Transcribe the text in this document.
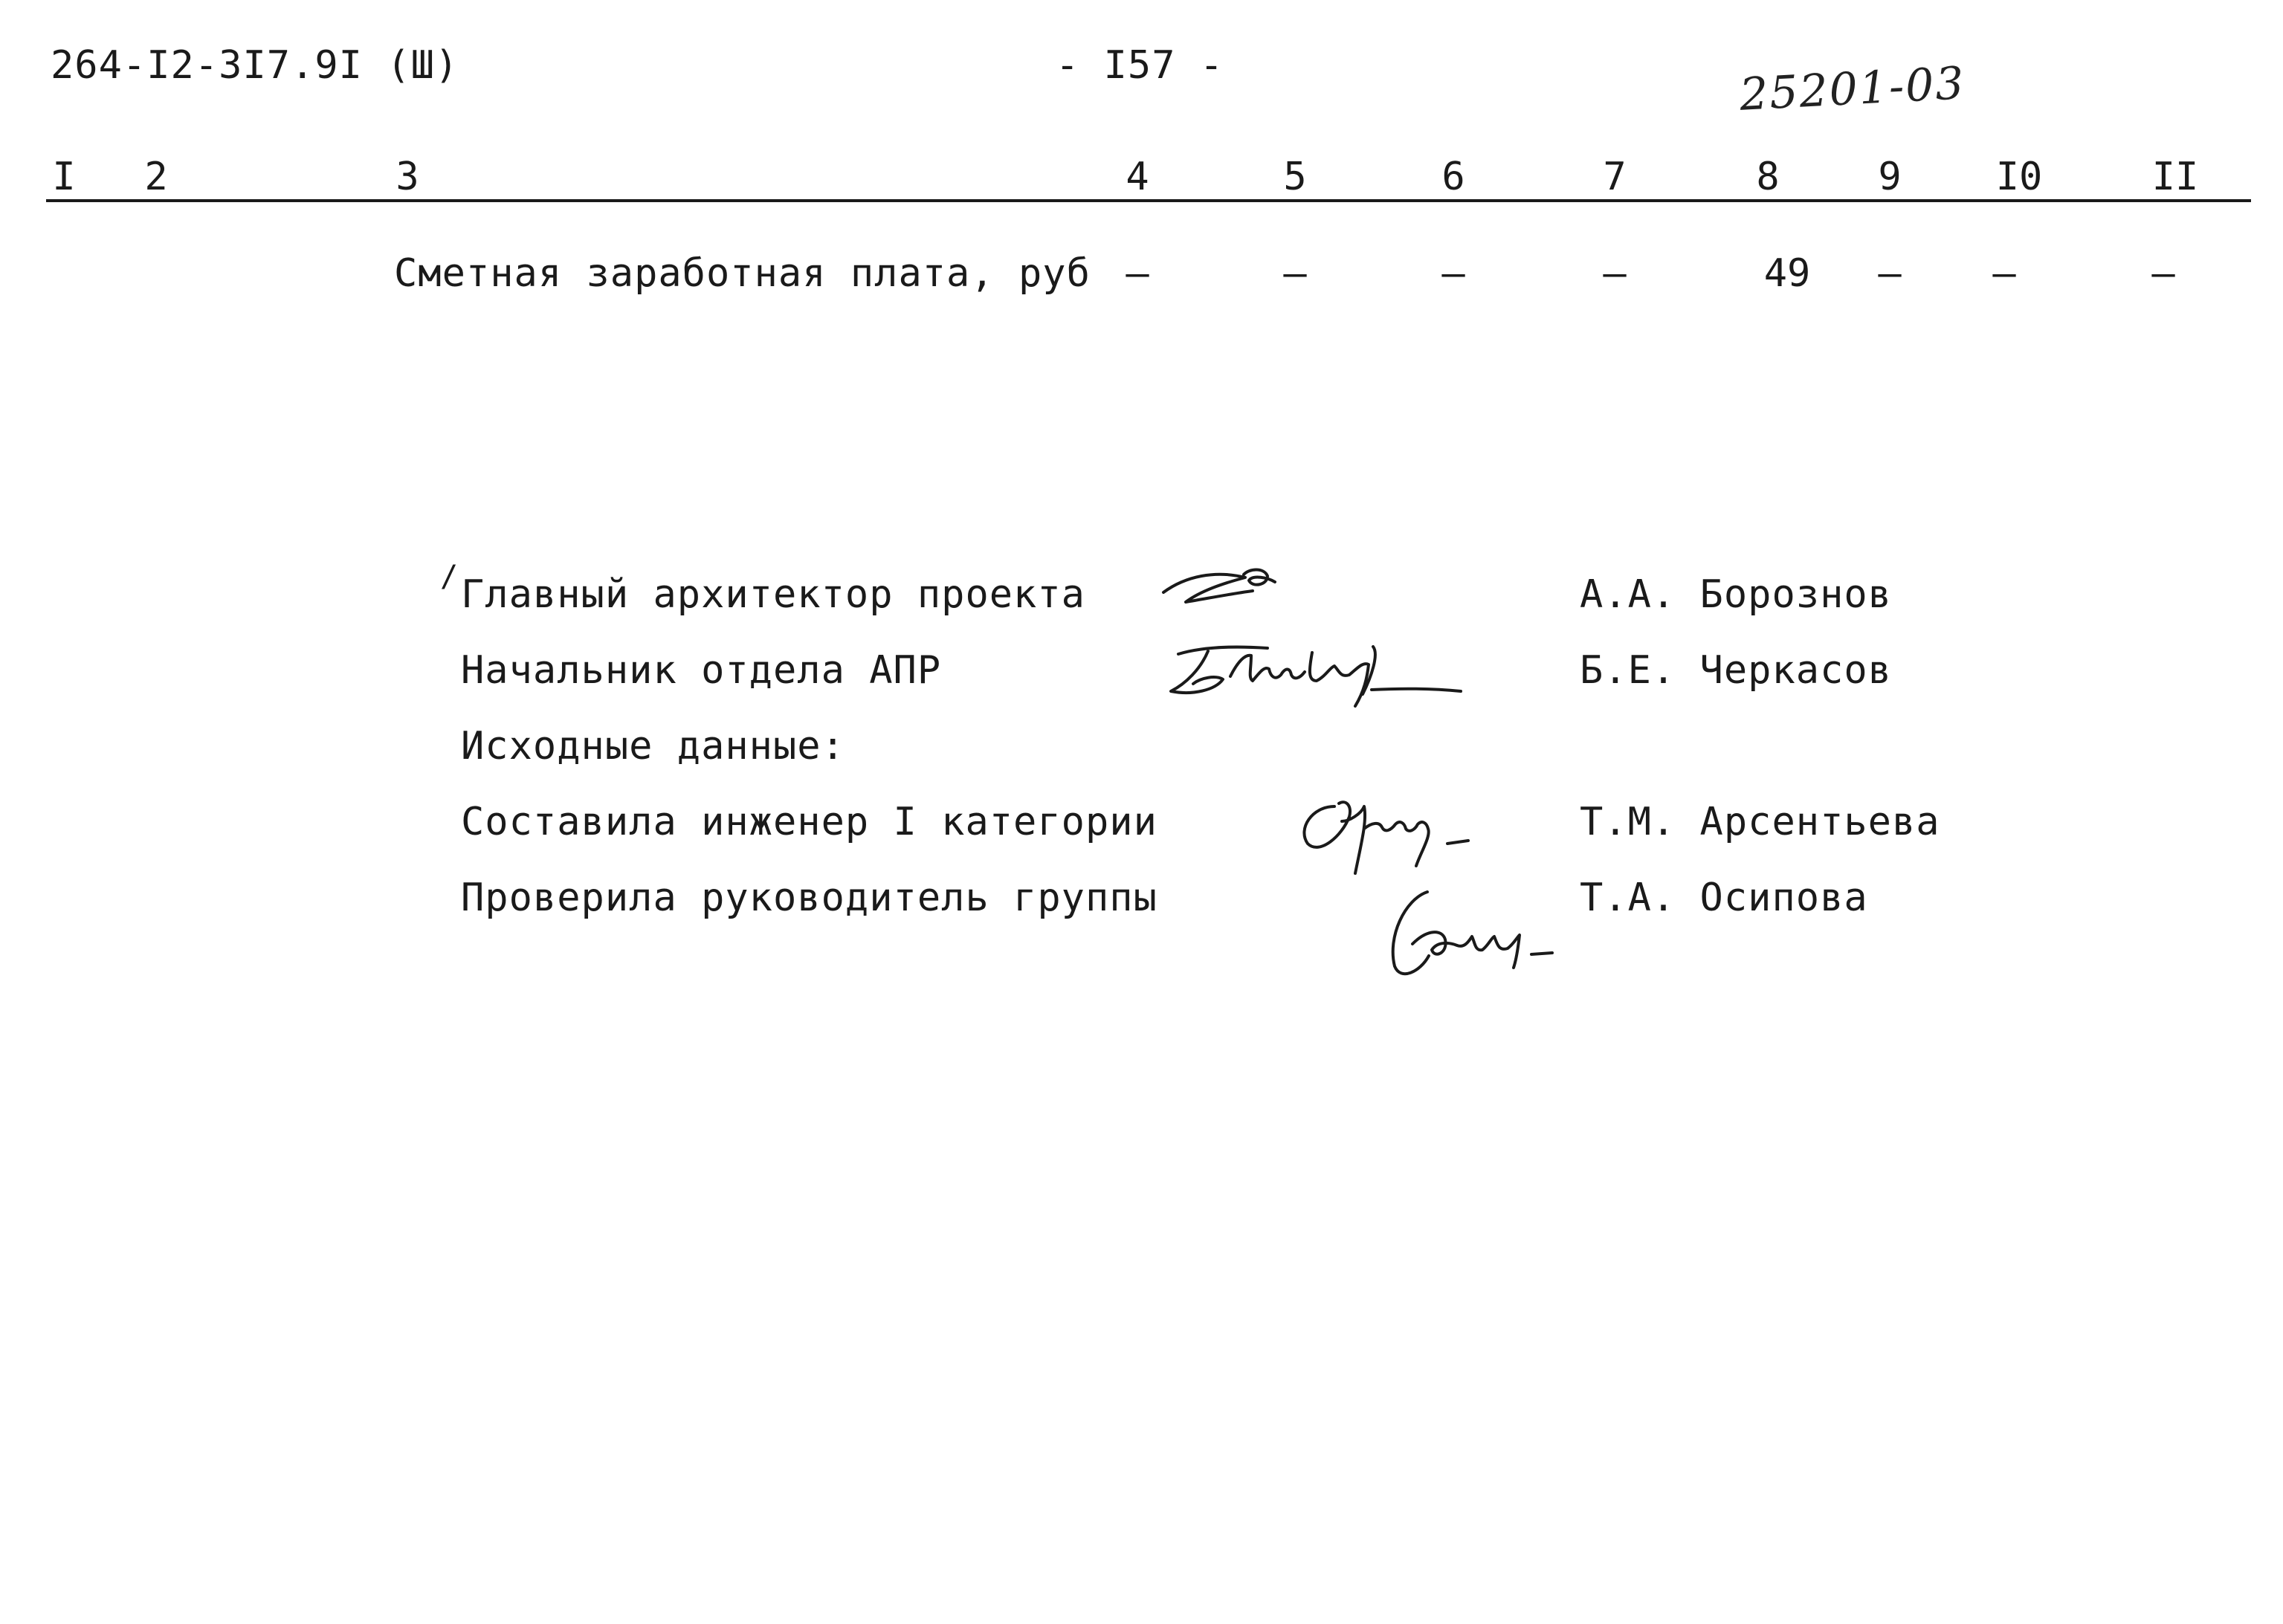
264-I2-3I7.9I (Ш)	- I57 -	25201-03
I 2	3	4	5	6	7	8	9 I0	II
Сметная заработная плата, руб –	–	–	–	49 – –	–
/ Главный архитектор проекта	А.А. Борознов
Начальник отдела АПР	Б.Е. Черкасов
Исходные данные:
Составила инженер I категории	Т.М. Арсентьева
Проверила руководитель группы	Т.А. Осипова
